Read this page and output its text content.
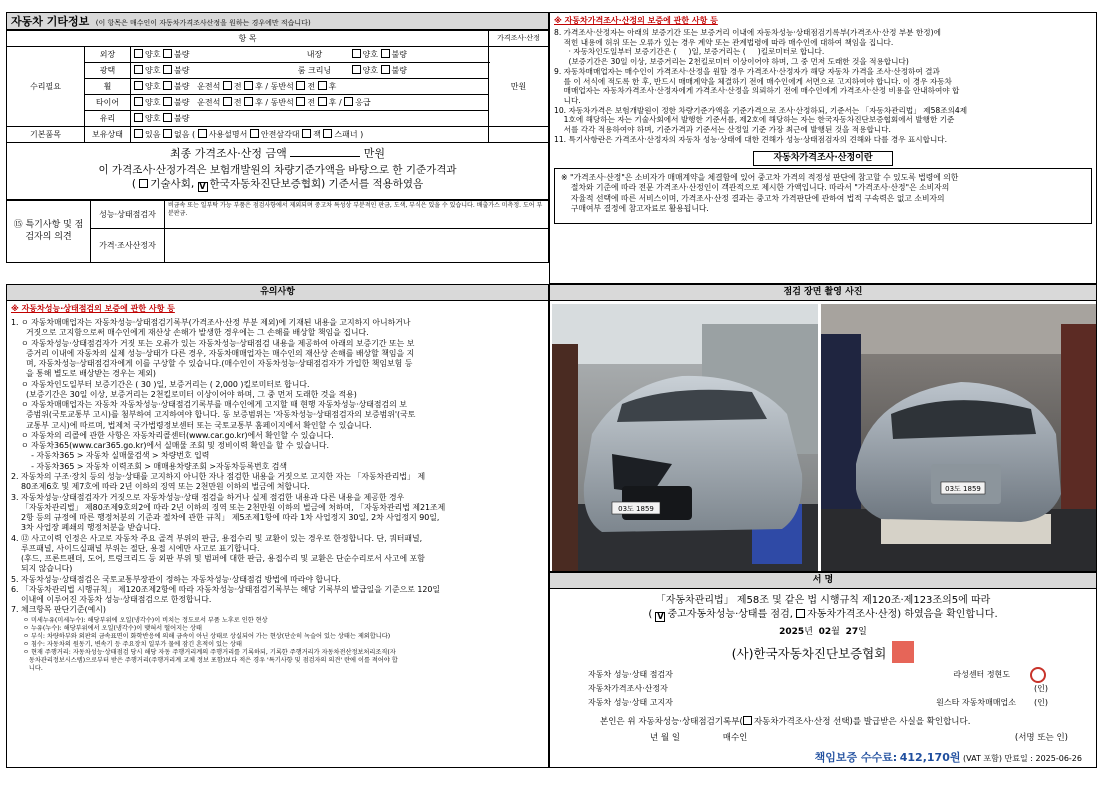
자동차 기타정보 (이 항목은 매수인이 자동차가격조사산정을 원하는 경우에만 적습니다)
항 목					가격조사·산정
수리필요	외장	양호 불량	내장	양호 불량	만원
	광택	양호 불량	룸 크리닝	양호 불량	
	휠	양호 불량 운전석 전 후 / 동반석 전 후			
	타이어	양호 불량 운전석 전 후 / 동반석 전 후 / 응급			
	유리	양호 불량			
기본품목	보유상태	있음 없음 ( 사용설명서 안전삼각대 잭 스패너 )			
최종 가격조사·산정 금액	만원
이 가격조사·산정가격은 보험개발원의 차량기준가액을 바탕으로 한 기준가격과
( 기술사회, V 한국자동차진단보증협회) 기준서를 적용하였음
⑮ 특기사항 및 점검자의 의견	성능·상태점검자	비금속 또는 일부탁 가능 부품은 점검사항에서 제외되며 중고차 특성상 부분적인 판금, 도색, 부식은 있을 수 있습니다. 배출가스 미측정. 도어 부분판금.
	가격·조사산정자	
※ 자동차가격조사·산정의 보증에 관한 사항 등
8. 가격조사·산정자는 아래의 보증기간 또는 보증거리 이내에 자동차성능·상태점검기록부(가격조사·산정 부분 한정)에
적힌 내용에 허위 또는 오류가 있는 경우 계약 또는 관계법령에 따라 매수인에 대하여 책임을 집니다.
· 자동차인도일부터 보증기간은 (     )일, 보증거리는 (     )킬로미터로 합니다.
(보증기간은 30일 이상, 보증거리는 2천킬로미터 이상이어야 하며, 그 중 먼저 도래한 것을 적용합니다)
9. 자동차매매업자는 매수인이 가격조사·산정을 원할 경우 가격조사·산정자가 해당 자동차 가격을 조사·산정하여 결과
를 이 서식에 적도록 한 후, 반드시 매매계약을 체결하기 전에 매수인에게 서면으로 고지하여야 합니다. 이 경우 자동차
매매업자는 자동차가격조사·산정자에게 가격조사·산정을 의뢰하기 전에 매수인에게 가격조사·산정 비용을 안내하여야 합
니다.
10. 자동차가격은 보험개발원이 정한 차량기준가액을 기준가격으로 조사·산정하되, 기준서는 「자동차관리법」 제58조의4제
1호에 해당하는 자는 기술사회에서 발행한 기준서를, 제2호에 해당하는 자는 한국자동차진단보증협회에서 발행한 기준
서를 각각 적용하여야 하며, 기준가격과 기준서는 산정일 기준 가장 최근에 발행된 것을 적용합니다.
11. 특기사항란은 가격조사·산정자의 자동차 성능·상태에 대한 견해가 성능·상태점검자의 견해와 다를 경우 표시합니다.
자동차가격조사·산정이란
※ "가격조사·산정"은 소비자가 매매계약을 체결함에 있어 중고차 가격의 적정성 판단에 참고할 수 있도록 법령에 의한
절차와 기준에 따라 전문 가격조사·산정인이 객관적으로 제시한 가액입니다. 따라서 "가격조사·산정"은 소비자의
자율적 선택에 따른 서비스이며, 가격조사·산정 결과는 중고차 가격판단에 관하여 법적 구속력은 없고 소비자의
구매여부 결정에 참고자료로 활용됩니다.
유의사항
※ 자동차성능·상태점검의 보증에 관한 사항 등
1. ㅇ 자동차매매업자는 자동차성능·상태점검기록부(가격조사·산정 부분 제외)에 기재된 내용을 고지하지 아니하거나
거짓으로 고지함으로써 매수인에게 재산상 손해가 발생한 경우에는 그 손해를 배상할 책임을 집니다.
ㅇ 자동차성능·상태점검자가 거짓 또는 오류가 있는 자동차성능·상태점검 내용을 제공하여 아래의 보증기간 또는 보
증거리 이내에 자동차의 실제 성능·상태가 다른 경우, 자동차매매업자는 매수인의 재산상 손해를 배상할 책임을 지
며, 자동차성능·상태점검자에게 이를 구상할 수 있습니다.(매수인이 자동차성능·상태점검자가 가입한 책임보험 등
을 통해 별도로 배상받는 경우는 제외)
ㅇ 자동차인도일부터 보증기간은 ( 30 )일, 보증거리는 ( 2,000 )킬로미터로 합니다.
(보증기간은 30일 이상, 보증거리는 2천킬로미터 이상이어야 하며, 그 중 먼저 도래한 것을 적용)
ㅇ 자동차매매업자는 자동차 자동차성능·상태점검기록부를 매수인에게 고지할 때 현행 자동차성능·상태점검의 보
증범위(국토교통부 고시)를 첨부하여 고지하여야 합니다. 동 보증범위는 '자동차성능·상태점검자의 보증범위'(국토
교통부 고시)에 따르며, 법제처 국가법령정보센터 또는 국토교통부 홈페이지에서 확인할 수 있습니다.
ㅇ 자동차의 리콜에 관한 사항은 자동차리콜센터(www.car.go.kr)에서 확인할 수 있습니다.
ㅇ 자동차365(www.car365.go.kr)에서 실매물 조회 및 정비이력 확인을 할 수 있습니다.
- 자동차365 > 자동차 실매물검색 > 차량번호 입력
- 자동차365 > 자동차 이력조회 > 매매용차량조회 >자동차등록번호 검색
2. 자동차의 구조·장치 등의 성능·상태를 고지하지 아니한 자나 점검한 내용을 거짓으로 고지한 자는 「자동차관리법」 제
80조제6호 및 제7호에 따라 2년 이하의 징역 또는 2천만원 이하의 벌금에 처합니다.
3. 자동차성능·상태점검자가 거짓으로 자동차성능·상태 점검을 하거나 실제 점검한 내용과 다른 내용을 제공한 경우
「자동차관리법」 제80조제9호의2에 따라 2년 이하의 징역 또는 2천만원 이하의 벌금에 처하며, 「자동차관리법 제21조제
2항 등의 규정에 따른 행정처분의 기준과 절차에 관한 규칙」 제5조제1항에 따라 1차 사업정지 30일, 2차 사업정지 90일,
3차 사업장 폐쇄의 행정처분을 받습니다.
4. ⑫ 사고이력 인정은 사고로 자동차 주요 골격 부위의 판금, 용접수리 및 교환이 있는 경우로 한정합니다. 단, 쿼터패널,
루프패널, 사이드실패널 부위는 절단, 용접 시에만 사고로 표기합니다.
(후드, 프론트펜더, 도어, 트렁크리드 등 외판 부위 및 범퍼에 대한 판금, 용접수리 및 교환은 단순수리로서 사고에 포함
되지 않습니다)
5. 자동차성능·상태점검은 국토교통부장관이 정하는 자동차성능·상태점검 방법에 따라야 합니다.
6. 「자동차관리법 시행규칙」 제120조제2항에 따라 자동차성능·상태점검기록부는 해당 기록부의 발급일을 기준으로 120일
이내에 이루어진 자동차 성능·상태점검으로 한정합니다.
7. 체크항목 판단기준(예시)
ㅇ 미세누유(미세누수): 해당부위에 오일(냉각수)이 비치는 정도로서 부품 노후로 인한 현상
ㅇ 누유(누수): 해당부위에서 오일(냉각수)이 맺혀서 떨어지는 상태
ㅇ 부식: 차량하부와 외판의 금속표면이 화학반응에 의해 금속이 아닌 상태로 상실되어 가는 현상(단순히 녹슬어 있는 상태는 제외합니다)
ㅇ 침수: 자동차의 원동기, 변속기 등 주요장치 일부가 물에 잠긴 흔적이 있는 상태
ㅇ 현재 주행거리: 자동차성능·상태점검 당시 해당 자동 주행거리계의 주행거리를 기록하되, 기록한 주행거리가 자동차전산정보처리조직(자
동차관리정보시스템)으로부터 받은 주행거리(주행거리계 교체 정보 포함)보다 적은 경우 '특기사항 및 점검자의 의견' 란에 이를 적어야 합
니다.
점검 장면 촬영 사진
03도 1859
03도 1859
서 명
「자동차관리법」 제58조 및 같은 법 시행규칙 제120조·제123조의5에 따라
( V 중고자동차성능·상태를 점검, 자동차가격조사·산정) 하였음을 확인합니다.
2025년 02월 27일
(사)한국자동차진단보증협회
자동차 성능·상태 점검자	라성센터 정현도
자동차가격조사·산정자	(인)
자동차 성능·상태 고지자	원스타 자동차매매업소 (인)
본인은 위 자동차성능·상태점검기록부( 자동차가격조사·산정 선택)를 발급받은 사실을 확인합니다.
년 월 일	매수인	(서명 또는 인)
책임보증 수수료: 412,170원 (VAT 포함) 만료일 : 2025-06-26
